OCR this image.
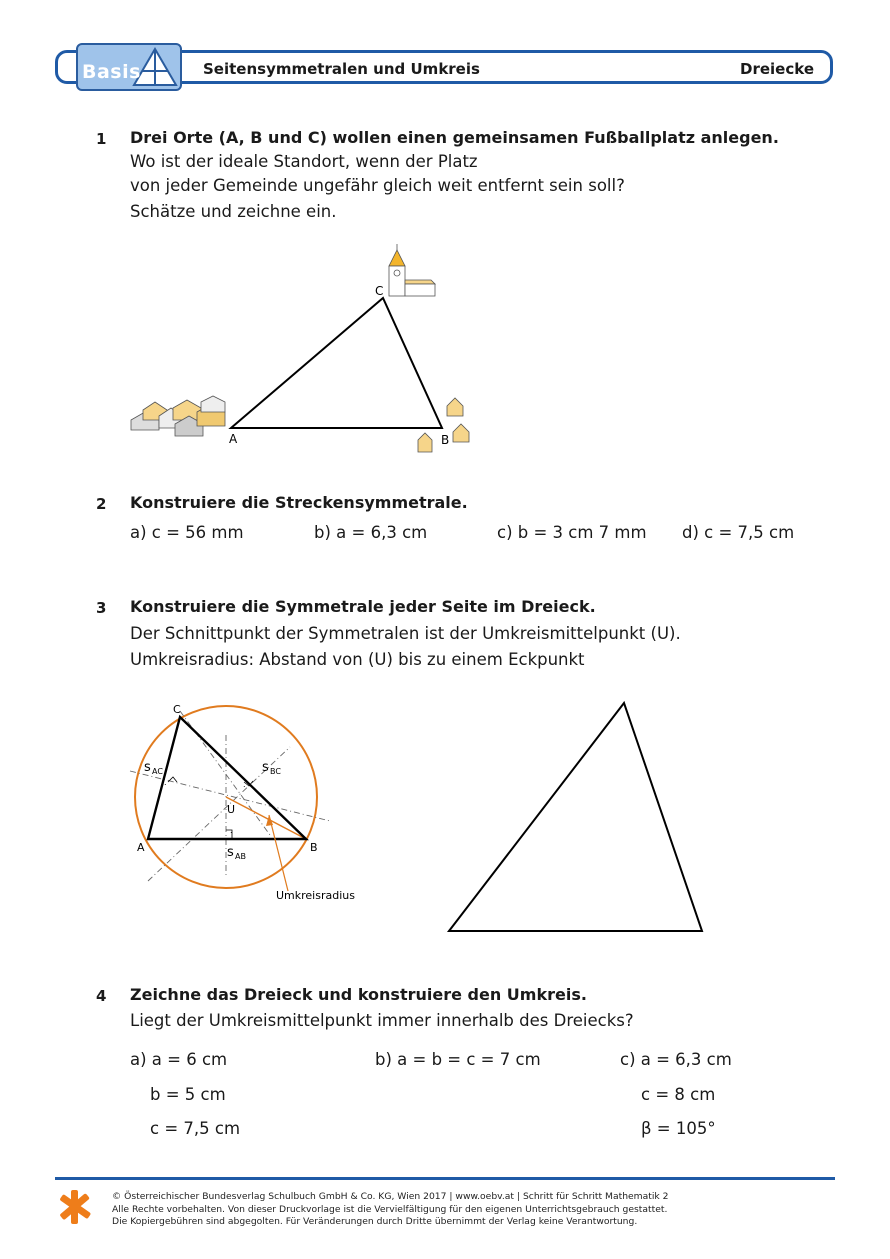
Basis	Seitensymmetralen und Umkreis	Dreiecke
1 Drei Orte (A, B und C) wollen einen gemeinsamen Fußballplatz anlegen.
Wo ist der ideale Standort, wenn der Platz
von jeder Gemeinde ungefähr gleich weit entfernt sein soll?
Schätze und zeichne ein.
A
C
B
2 Konstruiere die Streckensymmetrale.
a) c = 56 mm	b) a = 6,3 cm	c) b = 3 cm 7 mm d) c = 7,5 cm
3 Konstruiere die Symmetrale jeder Seite im Dreieck.
Der Schnittpunkt der Symmetralen ist der Umkreismittelpunkt (U).
Umkreisradius: Abstand von (U) bis zu einem Eckpunkt
.	.
.
C
A	B
U
s AC	s BC
s AB
Umkreisradius
4 Zeichne das Dreieck und konstruiere den Umkreis.
Liegt der Umkreismittelpunkt immer innerhalb des Dreiecks?
a) a = 6 cm
b = 5 cm
c = 7,5 cm
b) a = b = c = 7 cm	c) a = 6,3 cm
c = 8 cm
β = 105°
© Österreichischer Bundesverlag Schulbuch GmbH & Co. KG, Wien 2017 | www.oebv.at | Schritt für Schritt Mathematik 2
Alle Rechte vorbehalten. Von dieser Druckvorlage ist die Vervielfältigung für den eigenen Unterrichtsgebrauch gestattet.
Die Kopiergebühren sind abgegolten. Für Veränderungen durch Dritte übernimmt der Verlag keine Verantwortung.
